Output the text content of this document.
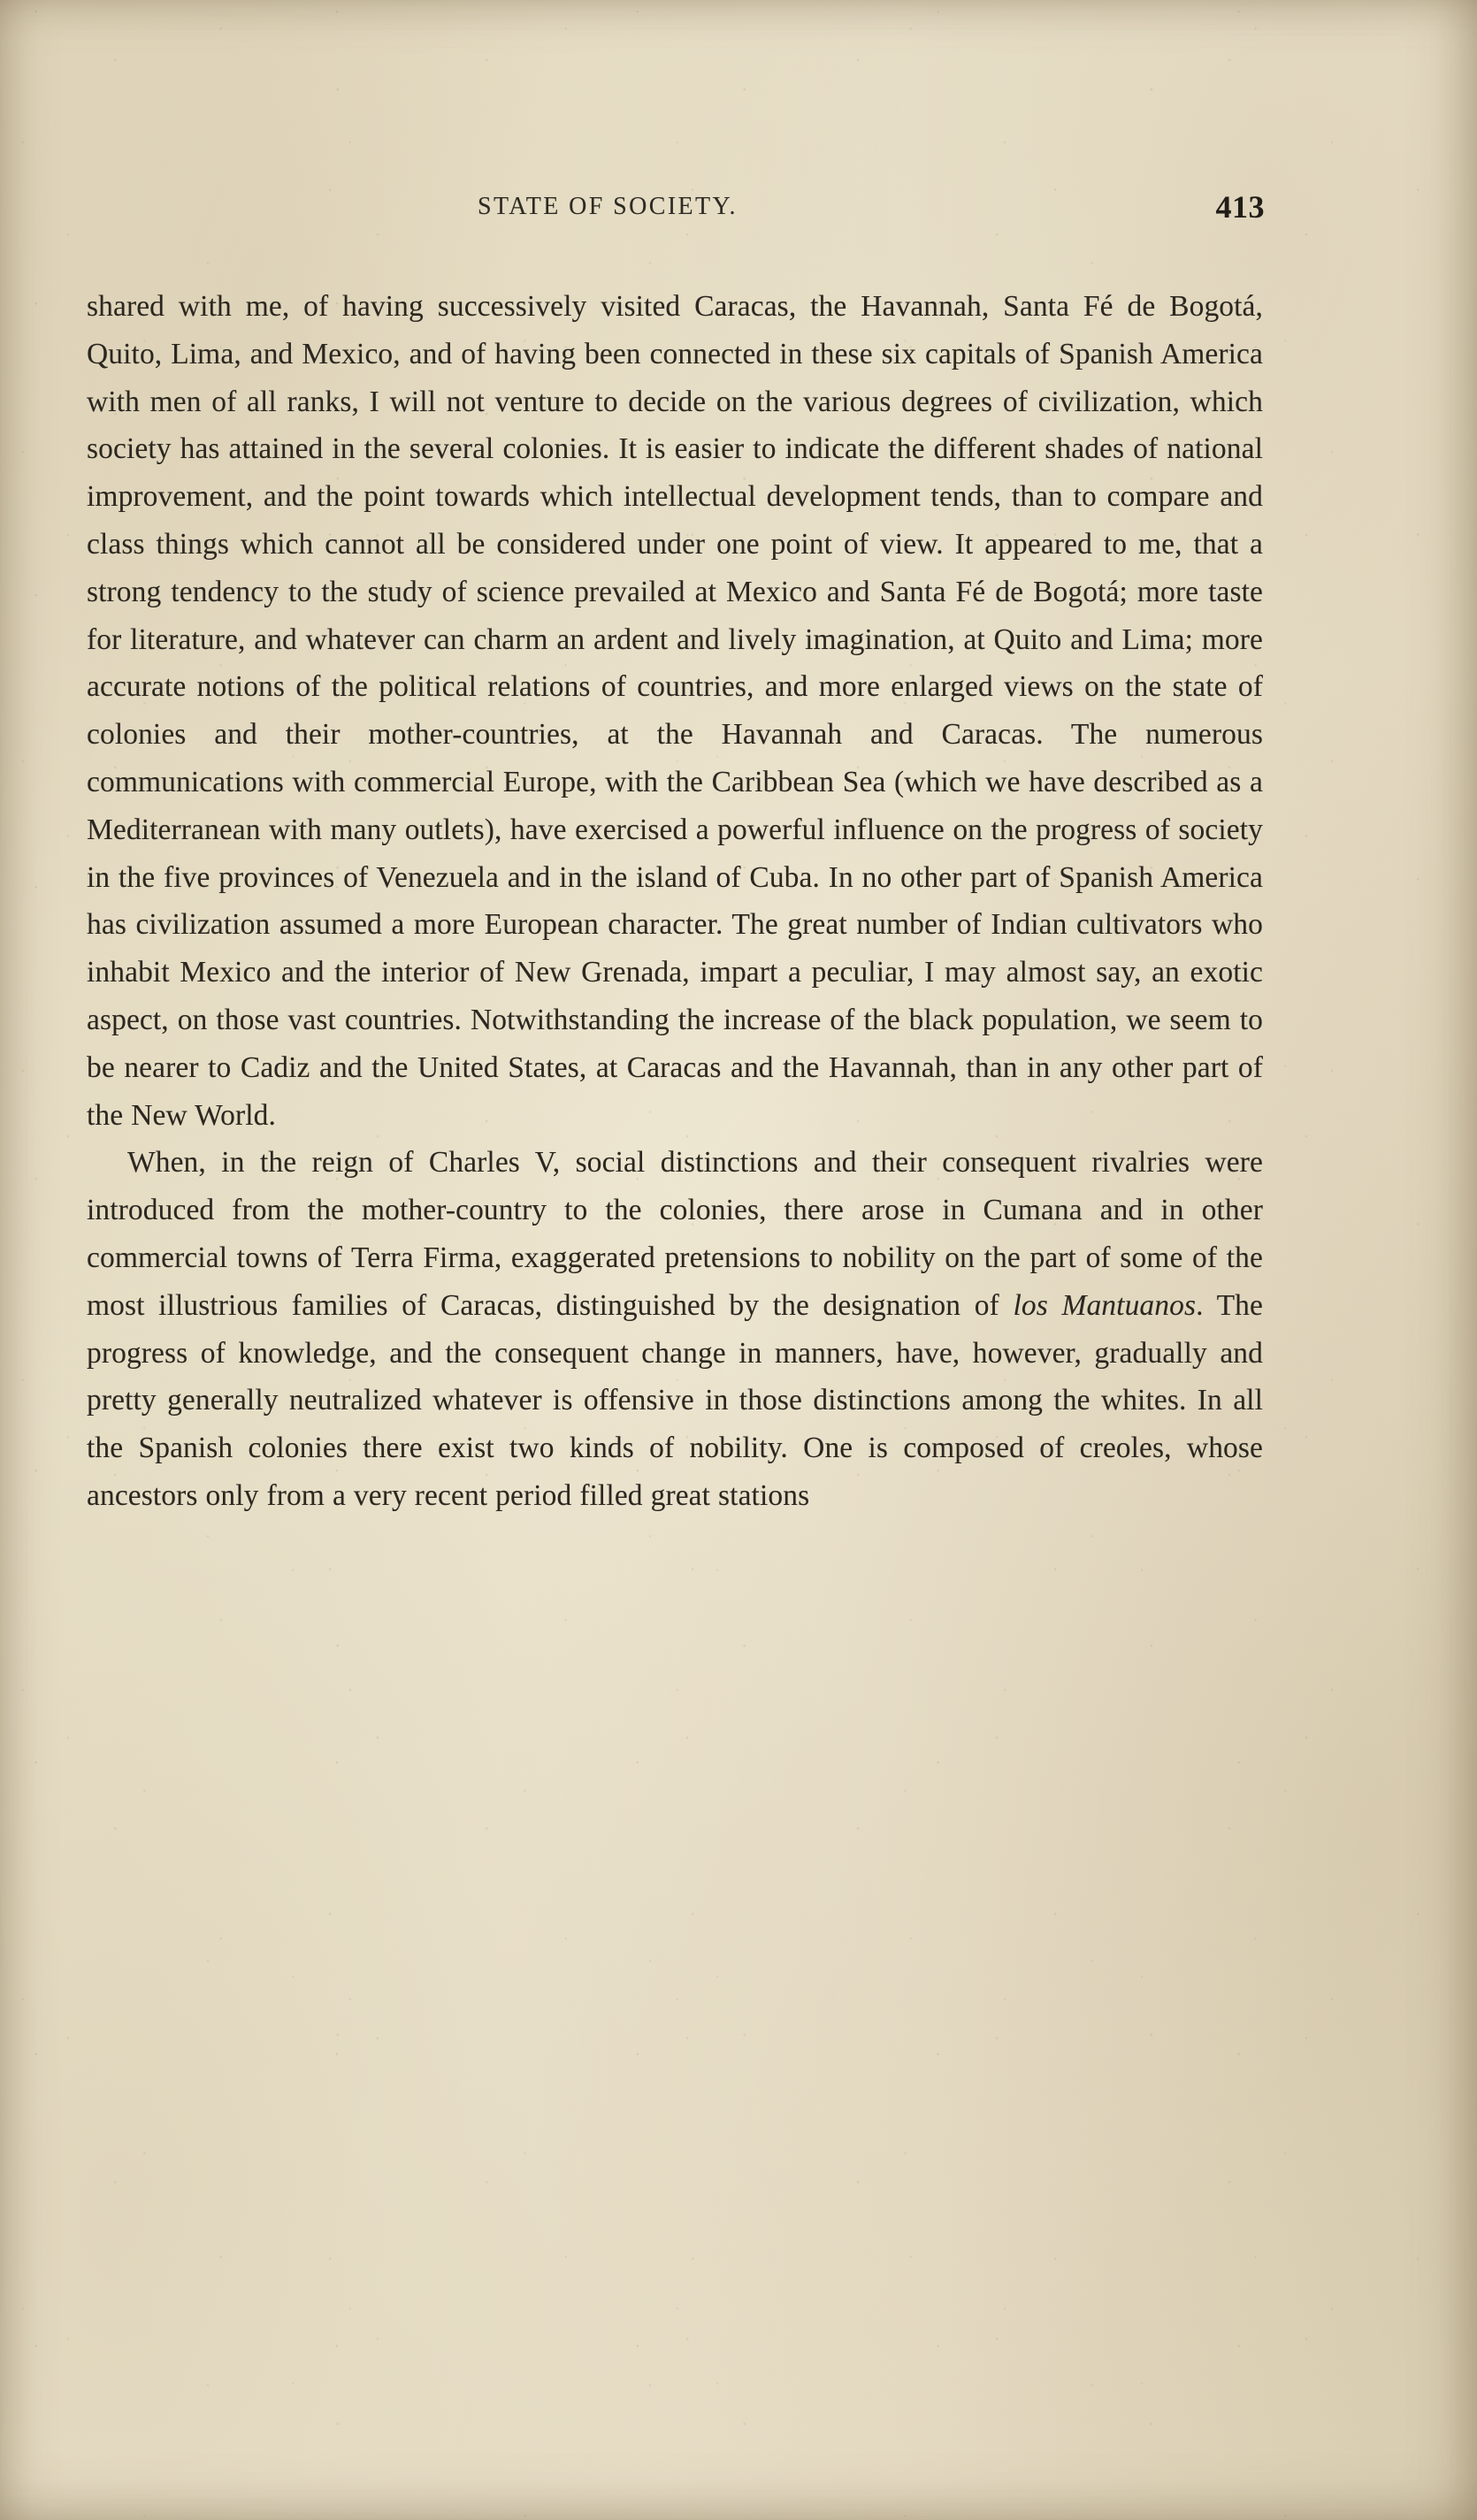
STATE OF SOCIETY.	413

shared with me, of having successively visited Caracas, the Havannah, Santa Fé de Bogotá, Quito, Lima, and Mexico, and of having been connected in these six capitals of Spanish America with men of all ranks, I will not venture to decide on the various degrees of civilization, which society has attained in the several colonies. It is easier to indicate the different shades of national improvement, and the point towards which intellectual development tends, than to compare and class things which cannot all be considered under one point of view. It appeared to me, that a strong tendency to the study of science prevailed at Mexico and Santa Fé de Bogotá; more taste for literature, and whatever can charm an ardent and lively imagination, at Quito and Lima; more accurate notions of the political relations of countries, and more enlarged views on the state of colonies and their mother-countries, at the Havannah and Caracas. The numerous communications with commercial Europe, with the Caribbean Sea (which we have described as a Mediterranean with many outlets), have exercised a powerful influence on the progress of society in the five provinces of Venezuela and in the island of Cuba. In no other part of Spanish America has civilization assumed a more European character. The great number of Indian cultivators who inhabit Mexico and the interior of New Grenada, impart a peculiar, I may almost say, an exotic aspect, on those vast countries. Notwithstanding the increase of the black population, we seem to be nearer to Cadiz and the United States, at Caracas and the Havannah, than in any other part of the New World.

When, in the reign of Charles V, social distinctions and their consequent rivalries were introduced from the mother-country to the colonies, there arose in Cumana and in other commercial towns of Terra Firma, exaggerated pretensions to nobility on the part of some of the most illustrious families of Caracas, distinguished by the designation of los Mantuanos. The progress of knowledge, and the consequent change in manners, have, however, gradually and pretty generally neutralized whatever is offensive in those distinctions among the whites. In all the Spanish colonies there exist two kinds of nobility. One is composed of creoles, whose ancestors only from a very recent period filled great stations
